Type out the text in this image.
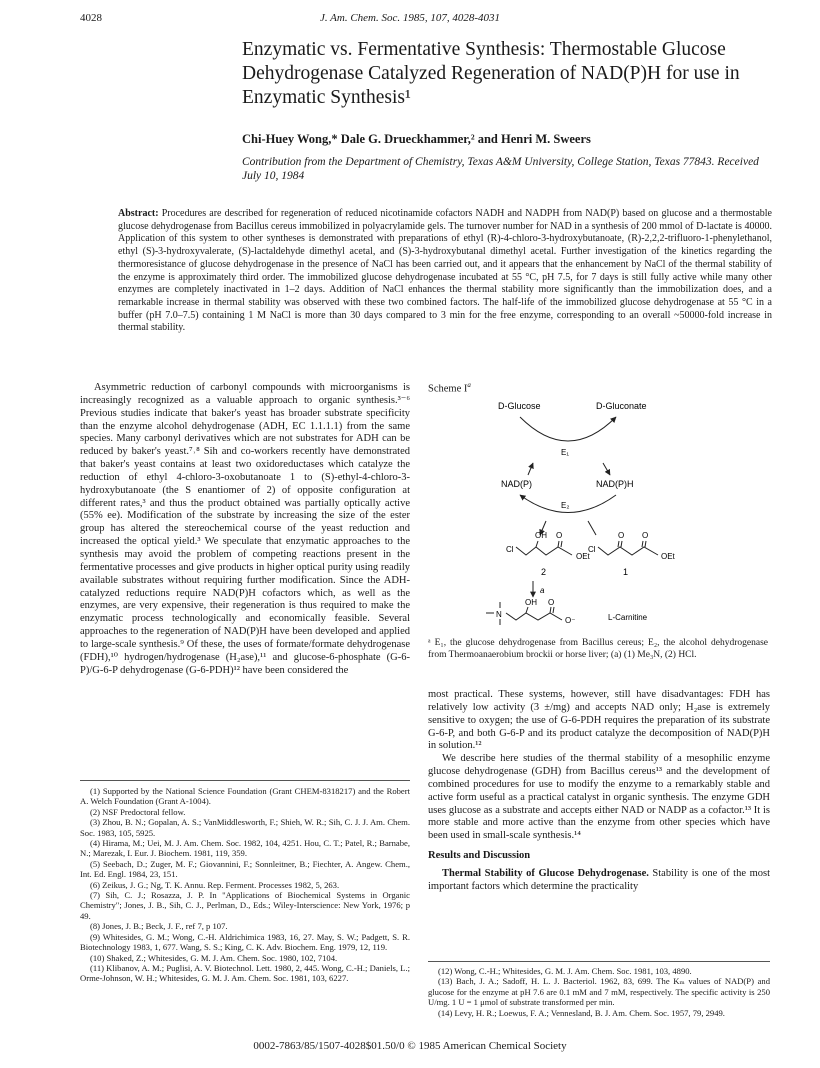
4028	J. Am. Chem. Soc. 1985, 107, 4028-4031
Enzymatic vs. Fermentative Synthesis: Thermostable Glucose Dehydrogenase Catalyzed Regeneration of NAD(P)H for use in Enzymatic Synthesis¹
Chi-Huey Wong,* Dale G. Drueckhammer,² and Henri M. Sweers
Contribution from the Department of Chemistry, Texas A&M University, College Station, Texas 77843. Received July 10, 1984
Abstract: Procedures are described for regeneration of reduced nicotinamide cofactors NADH and NADPH from NAD(P) based on glucose and a thermostable glucose dehydrogenase from Bacillus cereus immobilized in polyacrylamide gels. The turnover number for NAD in a synthesis of 200 mmol of D-lactate is 40000. Application of this system to other syntheses is demonstrated with preparations of ethyl (R)-4-chloro-3-hydroxybutanoate, (R)-2,2,2-trifluoro-1-phenylethanol, ethyl (S)-3-hydroxyvalerate, (S)-lactaldehyde dimethyl acetal, and (S)-3-hydroxybutanal dimethyl acetal. Further investigation of the kinetics regarding the thermoresistance of glucose dehydrogenase in the presence of NaCl has been carried out, and it appears that the enhancement by NaCl of the thermal stability of the enzyme is approximately third order. The immobilized glucose dehydrogenase incubated at 55 °C, pH 7.5, for 7 days is still fully active while many other enzymes are completely inactivated in 1–2 days. Addition of NaCl enhances the thermal stability more significantly than the immobilization does, and a remarkable increase in thermal stability was observed with these two combined factors. The half-life of the immobilized glucose dehydrogenase at 55 °C in a buffer (pH 7.0–7.5) containing 1 M NaCl is more than 30 days compared to 3 min for the free enzyme, corresponding to an overall ~50000-fold increase in thermal stability.

Asymmetric reduction of carbonyl compounds with microorganisms is increasingly recognized as a valuable approach to organic synthesis.³⁻⁶ Previous studies indicate that baker's yeast has broader substrate specificity than the enzyme alcohol dehydrogenase (ADH, EC 1.1.1.1) from the same species. Many carbonyl derivatives which are not substrates for ADH can be reduced by baker's yeast.⁷˒⁸ Sih and co-workers recently have demonstrated that baker's yeast contains at least two oxidoreductases which catalyze the reduction of ethyl 4-chloro-3-oxobutanoate 1 to (S)-ethyl-4-chloro-3-hydroxybutanoate (the S enantiomer of 2) of opposite configuration at different rates,³ and thus the product obtained was partially optically active (55% ee). Modification of the substrate by increasing the size of the ester group has altered the stereochemical course of the yeast reduction and increased the optical yield.³ We speculate that enzymatic approaches to the synthesis may avoid the problem of competing reactions present in the fermentative processes and give products in higher optical purity using readily available substrates without requiring further modification. Since the ADH-catalyzed reductions require NAD(P)H cofactors which, as well as the enzymes, are very expensive, their regeneration is thus required to make the enzymatic process technologically and economically feasible. Several approaches to the regeneration of NAD(P)H have been developed and applied to large-scale synthesis.⁹ Of these, the uses of formate/formate dehydrogenase (FDH),¹⁰ hydrogen/hydrogenase (H₂ase),¹¹ and glucose-6-phosphate (G-6-P)/G-6-P dehydrogenase (G-6-PDH)¹² have been considered the

(1) Supported by the National Science Foundation (Grant CHEM-8318217) and the Robert A. Welch Foundation (Grant A-1004).
(2) NSF Predoctoral fellow.
(3) Zhou, B. N.; Gopalan, A. S.; VanMiddlesworth, F.; Shieh, W. R.; Sih, C. J. J. Am. Chem. Soc. 1983, 105, 5925.
(4) Hirama, M.; Uei, M. J. Am. Chem. Soc. 1982, 104, 4251. Hou, C. T.; Patel, R.; Barnabe, N.; Marezak, I. Eur. J. Biochem. 1981, 119, 359.
(5) Seebach, D.; Zuger, M. F.; Giovannini, F.; Sonnleitner, B.; Fiechter, A. Angew. Chem., Int. Ed. Engl. 1984, 23, 151.
(6) Zeikus, J. G.; Ng, T. K. Annu. Rep. Ferment. Processes 1982, 5, 263.
(7) Sih, C. J.; Rosazza, J. P. In "Applications of Biochemical Systems in Organic Chemistry"; Jones, J. B., Sih, C. J., Perlman, D., Eds.; Wiley-Interscience: New York, 1976; p 49.
(8) Jones, J. B.; Beck, J. F., ref 7, p 107.
(9) Whitesides, G. M.; Wong, C.-H. Aldrichimica 1983, 16, 27. May, S. W.; Padgett, S. R. Biotechnology 1983, 1, 677. Wang, S. S.; King, C. K. Adv. Biochem. Eng. 1979, 12, 119.
(10) Shaked, Z.; Whitesides, G. M. J. Am. Chem. Soc. 1980, 102, 7104.
(11) Klibanov, A. M.; Puglisi, A. V. Biotechnol. Lett. 1980, 2, 445. Wong, C.-H.; Daniels, L.; Orme-Johnson, W. H.; Whitesides, G. M. J. Am. Chem. Soc. 1981, 103, 6227.
Scheme $I^a$
D-Glucose	D-Gluconate
E₁
NAD(P)	NAD(P)H
E₂
Cl
OH O
OEt
2
Cl
O O
OEt
1
a
N
OH O
O⁻	L-Carnitine
ᵃ E₁, the glucose dehydrogenase from Bacillus cereus; E₂, the alcohol dehydrogenase from Thermoanaerobium brockii or horse liver; (a) (1) Me₃N, (2) HCl.

most practical. These systems, however, still have disadvantages: FDH has relatively low activity (3 ±/mg) and accepts NAD only; H₂ase is extremely sensitive to oxygen; the use of G-6-PDH requires the preparation of its substrate G-6-P, and both G-6-P and its product catalyze the decomposition of NAD(P)H in solution.¹²

We describe here studies of the thermal stability of a mesophilic enzyme glucose dehydrogenase (GDH) from Bacillus cereus¹³ and the development of combined procedures for use to modify the enzyme to a remarkably stable and active form useful as a practical catalyst in organic synthesis. The enzyme GDH uses glucose as a substrate and accepts either NAD or NADP as a cofactor.¹³ It is more stable and more active than the enzyme from other species which have been used in small-scale synthesis.¹⁴

Results and Discussion

Thermal Stability of Glucose Dehydrogenase. Stability is one of the most important factors which determine the practicality

(12) Wong, C.-H.; Whitesides, G. M. J. Am. Chem. Soc. 1981, 103, 4890.
(13) Bach, J. A.; Sadoff, H. L. J. Bacteriol. 1962, 83, 699. The Kₘ values of NAD(P) and glucose for the enzyme at pH 7.6 are 0.1 mM and 7 mM, respectively. The specific activity is 250 U/mg. 1 U = 1 μmol of substrate transformed per min.
(14) Levy, H. R.; Loewus, F. A.; Vennesland, B. J. Am. Chem. Soc. 1957, 79, 2949.
0002-7863/85/1507-4028$01.50/0 © 1985 American Chemical Society
